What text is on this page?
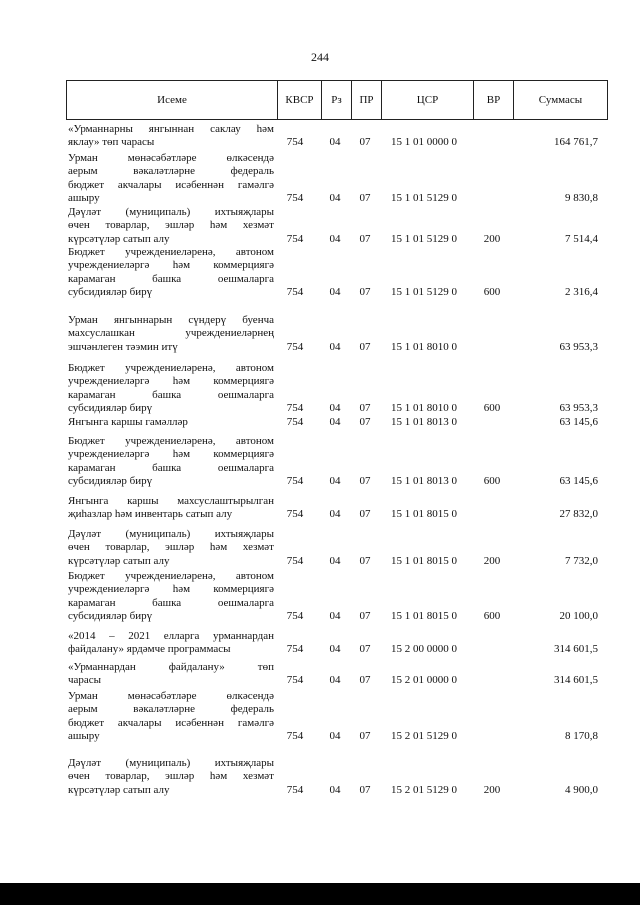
244
Исеме	КВСР	Рз	ПР	ЦСР	ВР	Суммасы
«Урманнарны янгыннан саклау һәм
яклау» төп чарасы	754	04	07	15 1 01 0000 0	164 761,7
Урман мөнәсәбәтләре өлкәсендә
аерым вәкаләтләрне федераль
бюджет акчалары исәбеннән гамәлгә
ашыру	754	04	07	15 1 01 5129 0	9 830,8
Дәүләт (муниципаль) ихтыяҗлары
өчен товарлар, эшләр һәм хезмәт
күрсәтүләр сатып алу	754	04	07	15 1 01 5129 0	200	7 514,4
Бюджет учреждениеләренә, автоном
учреждениеләргә һәм коммерциягә
карамаган башка оешмаларга
субсидияләр бирү	754	04	07	15 1 01 5129 0	600	2 316,4
Урман янгыннарын сүндерү буенча
махсуслашкан учреждениеләрнең
эшчәнлеген тәэмин итү	754	04	07	15 1 01 8010 0	63 953,3
Бюджет учреждениеләренә, автоном
учреждениеләргә һәм коммерциягә
карамаган башка оешмаларга
субсидияләр бирү	754	04	07	15 1 01 8010 0	600	63 953,3
Янгынга каршы гамәлләр	754	04	07	15 1 01 8013 0	63 145,6
Бюджет учреждениеләренә, автоном
учреждениеләргә һәм коммерциягә
карамаган башка оешмаларга
субсидияләр бирү	754	04	07	15 1 01 8013 0	600	63 145,6
Янгынга каршы махсуслаштырылган
җиһазлар һәм инвентарь сатып алу	754	04	07	15 1 01 8015 0	27 832,0
Дәүләт (муниципаль) ихтыяҗлары
өчен товарлар, эшләр һәм хезмәт
күрсәтүләр сатып алу	754	04	07	15 1 01 8015 0	200	7 732,0
Бюджет учреждениеләренә, автоном
учреждениеләргә һәм коммерциягә
карамаган башка оешмаларга
субсидияләр бирү	754	04	07	15 1 01 8015 0	600	20 100,0
«2014 – 2021 елларга урманнардан
файдалану» ярдәмче программасы	754	04	07	15 2 00 0000 0	314 601,5
«Урманнардан файдалану» төп
чарасы	754	04	07	15 2 01 0000 0	314 601,5
Урман мөнәсәбәтләре өлкәсендә
аерым вәкаләтләрне федераль
бюджет акчалары исәбеннән гамәлгә
ашыру	754	04	07	15 2 01 5129 0	8 170,8
Дәүләт (муниципаль) ихтыяҗлары
өчен товарлар, эшләр һәм хезмәт
күрсәтүләр сатып алу	754	04	07	15 2 01 5129 0	200	4 900,0
